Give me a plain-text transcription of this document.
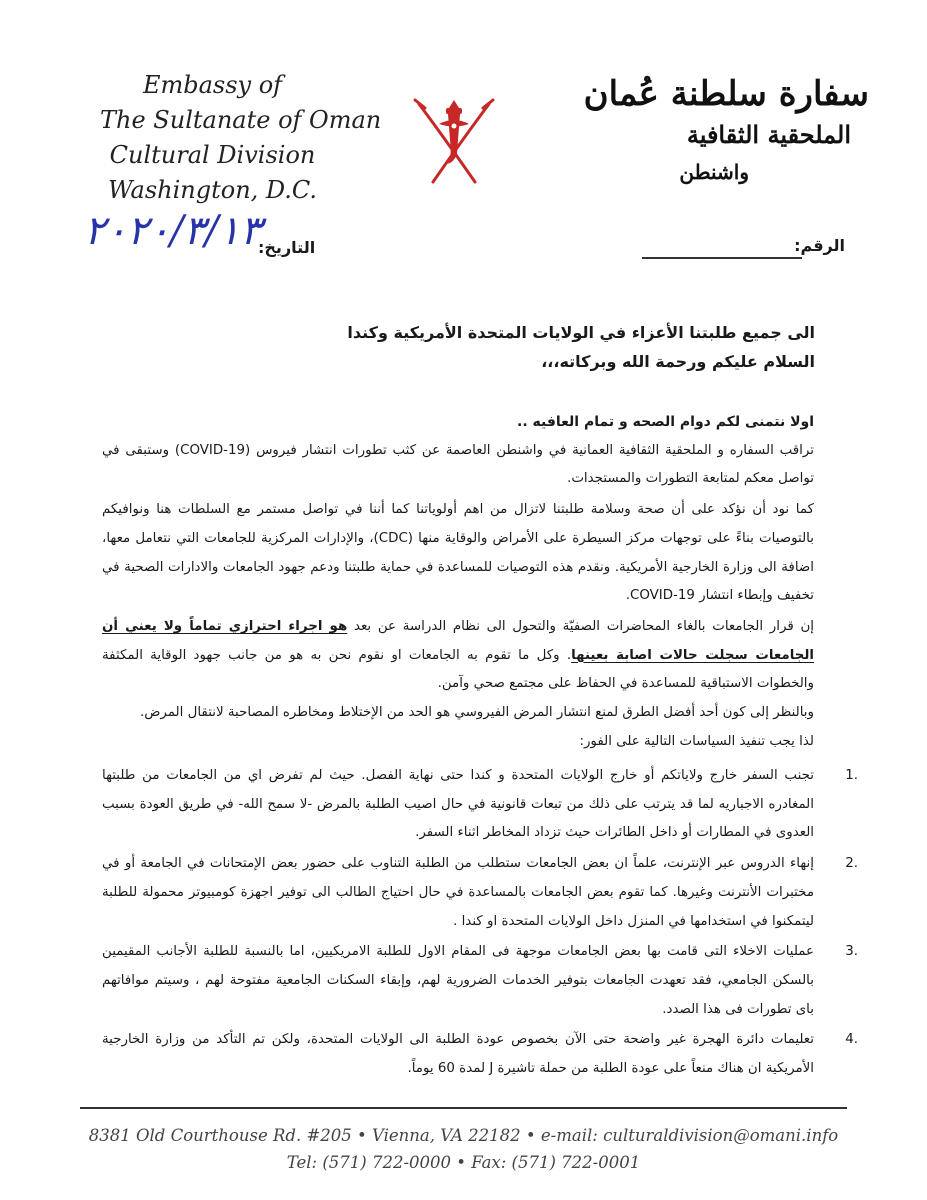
Embassy of
The Sultanate of Oman
Cultural Division
Washington, D.C.
سفارة سلطنة عُمان
الملحقية الثقافية
واشنطن
٢٠٢٠/٣/١٣
التاريخ:	الرقم:
الى جميع طلبتنا الأعزاء في الولايات المتحدة الأمريكية وكندا
السلام عليكم ورحمة الله وبركاته،،،

اولا نتمنى لكم دوام الصحه و تمام العافيه ..

تراقب السفاره و الملحقية الثقافية العمانية في واشنطن العاصمة عن كثب تطورات انتشار فيروس (COVID-19) وستبقى في تواصل معكم لمتابعة التطورات والمستجدات.

كما نود أن نؤكد على أن صحة وسلامة طلبتنا لاتزال من اهم أولوياتنا كما أننا في تواصل مستمر مع السلطات هنا ونوافيكم بالتوصيات بناءً على توجهات مركز السيطرة على الأمراض والوقاية منها (CDC)، والإدارات المركزية للجامعات التي نتعامل معها، اضافة الى وزارة الخارجية الأمريكية. ونقدم هذه التوصيات للمساعدة في حماية طلبتنا ودعم جهود الجامعات والادارات الصحية في تخفيف وإبطاء انتشار COVID-19.

إن قرار الجامعات بالغاء المحاضرات الصفيّة والتحول الى نظام الدراسة عن بعد هو اجراء احترازي تماماً ولا يعني أن الجامعات سجلت حالات اصابة بعينها. وكل ما تقوم به الجامعات او نقوم نحن به هو من جانب جهود الوقاية المكثفة والخطوات الاستباقية للمساعدة في الحفاظ على مجتمع صحي وآمن.

وبالنظر إلى كون أحد أفضل الطرق لمنع انتشار المرض الفيروسي هو الحد من الإختلاط ومخاطره المصاحبة لانتقال المرض.

لذا يجب تنفيذ السياسات التالية على الفور:

1.

تجنب السفر خارج ولاياتكم أو خارج الولايات المتحدة و كندا حتى نهاية الفصل. حيث لم تفرض اي من الجامعات من طلبتها المغادره الاجباريه لما قد يترتب على ذلك من تبعات قانونية في حال اصيب الطلبة بالمرض -لا سمح الله- في طريق العودة بسبب العدوى في المطارات أو داخل الطائرات حيث تزداد المخاطر اثناء السفر.

2.

إنهاء الدروس عبر الإنترنت، علماً ان بعض الجامعات ستطلب من الطلبة التناوب على حضور بعض الإمتحانات في الجامعة أو في مختبرات الأنترنت وغيرها. كما تقوم بعض الجامعات بالمساعدة في حال احتياج الطالب الى توفير اجهزة كومبيوتر محمولة للطلبة ليتمكنوا في استخدامها في المنزل داخل الولايات المتحدة او كندا .

3.

عمليات الاخلاء التى قامت بها بعض الجامعات موجهة فى المقام الاول للطلبة الامريكيين، اما بالنسبة للطلبة الأجانب المقيمين بالسكن الجامعي، فقد تعهدت الجامعات بتوفير الخدمات الضرورية لهم، وإبقاء السكنات الجامعية مفتوحة لهم ، وسيتم موافاتهم باى تطورات فى هذا الصدد.

4.

تعليمات دائرة الهجرة غير واضحة حتى الآن بخصوص عودة الطلبة الى الولايات المتحدة، ولكن تم التأكد من وزارة الخارجية الأمريكية ان هناك منعاً على عودة الطلبة من حملة تاشيرة J لمدة 60 يوماً.

8381 Old Courthouse Rd. #205 • Vienna, VA 22182 • e-mail: culturaldivision@omani.info
Tel: (571) 722-0000 • Fax: (571) 722-0001
